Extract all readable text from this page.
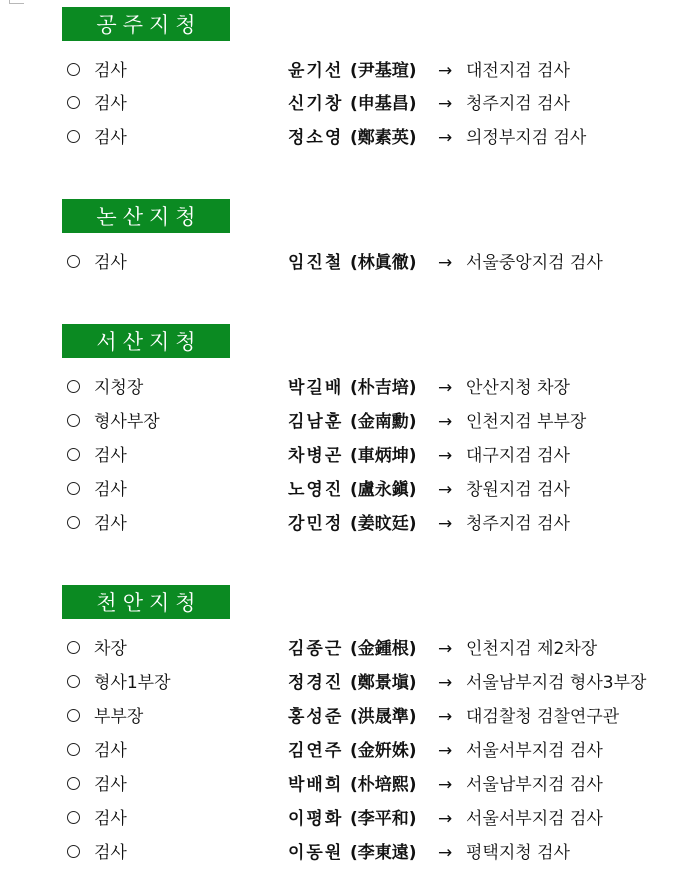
공주지청
검사	윤기선 (尹基瑄) → 대전지검 검사
검사	신기창 (申基昌) → 청주지검 검사
검사	정소영 (鄭素英) → 의정부지검 검사
논산지청
검사	임진철 (林眞徹) → 서울중앙지검 검사
서산지청
지청장	박길배 (朴吉培) → 안산지청 차장
형사부장	김남훈 (金南勳) → 인천지검 부부장
검사	차병곤 (車炳坤) → 대구지검 검사
검사	노영진 (盧永鎭) → 창원지검 검사
검사	강민정 (姜旼廷) → 청주지검 검사
천안지청
차장	김종근 (金鍾根) → 인천지검 제2차장
형사1부장	정경진 (鄭景塡) → 서울남부지검 형사3부장
부부장	홍성준 (洪晟準) → 대검찰청 검찰연구관
검사	김연주 (金姸姝) → 서울서부지검 검사
검사	박배희 (朴培熙) → 서울남부지검 검사
검사	이평화 (李平和) → 서울서부지검 검사
검사	이동원 (李東遠) → 평택지청 검사
